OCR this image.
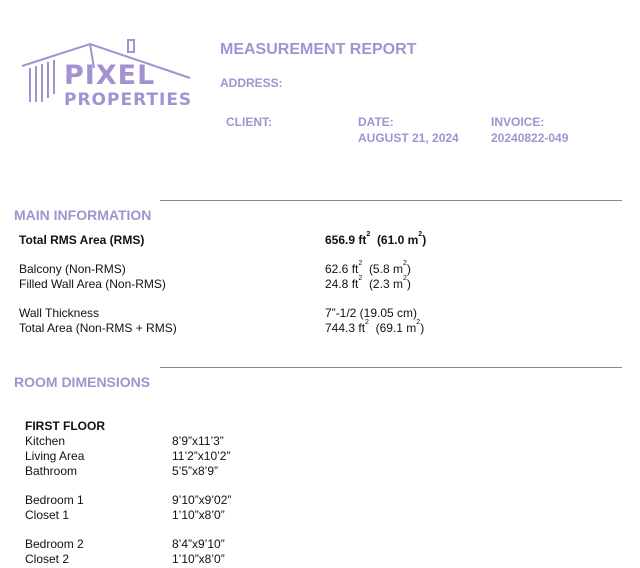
PIXEL
PROPERTIES
MEASUREMENT REPORT
ADDRESS:
CLIENT:	DATE:
AUGUST 21, 2024
INVOICE:
20240822-049
MAIN INFORMATION
Total RMS Area (RMS)	656.9 $ft^2$ (61.0 $m^2$)
Balcony (Non-RMS)	62.6 $ft^2$ (5.8 $m^2$)
Filled Wall Area (Non-RMS)	24.8 $ft^2$ (2.3 $m^2$)
Wall Thickness	7”-1/2 (19.05 cm)
Total Area (Non-RMS + RMS)	744.3 $ft^2$ (69.1 $m^2$)
ROOM DIMENSIONS
FIRST FLOOR
Kitchen	8’9”x11’3”
Living Area	11’2”x10’2”
Bathroom	5’5”x8’9”
Bedroom 1	9’10”x9’02”
Closet 1	1’10”x8’0”
Bedroom 2	8’4”x9’10”
Closet 2	1’10”x8’0”
